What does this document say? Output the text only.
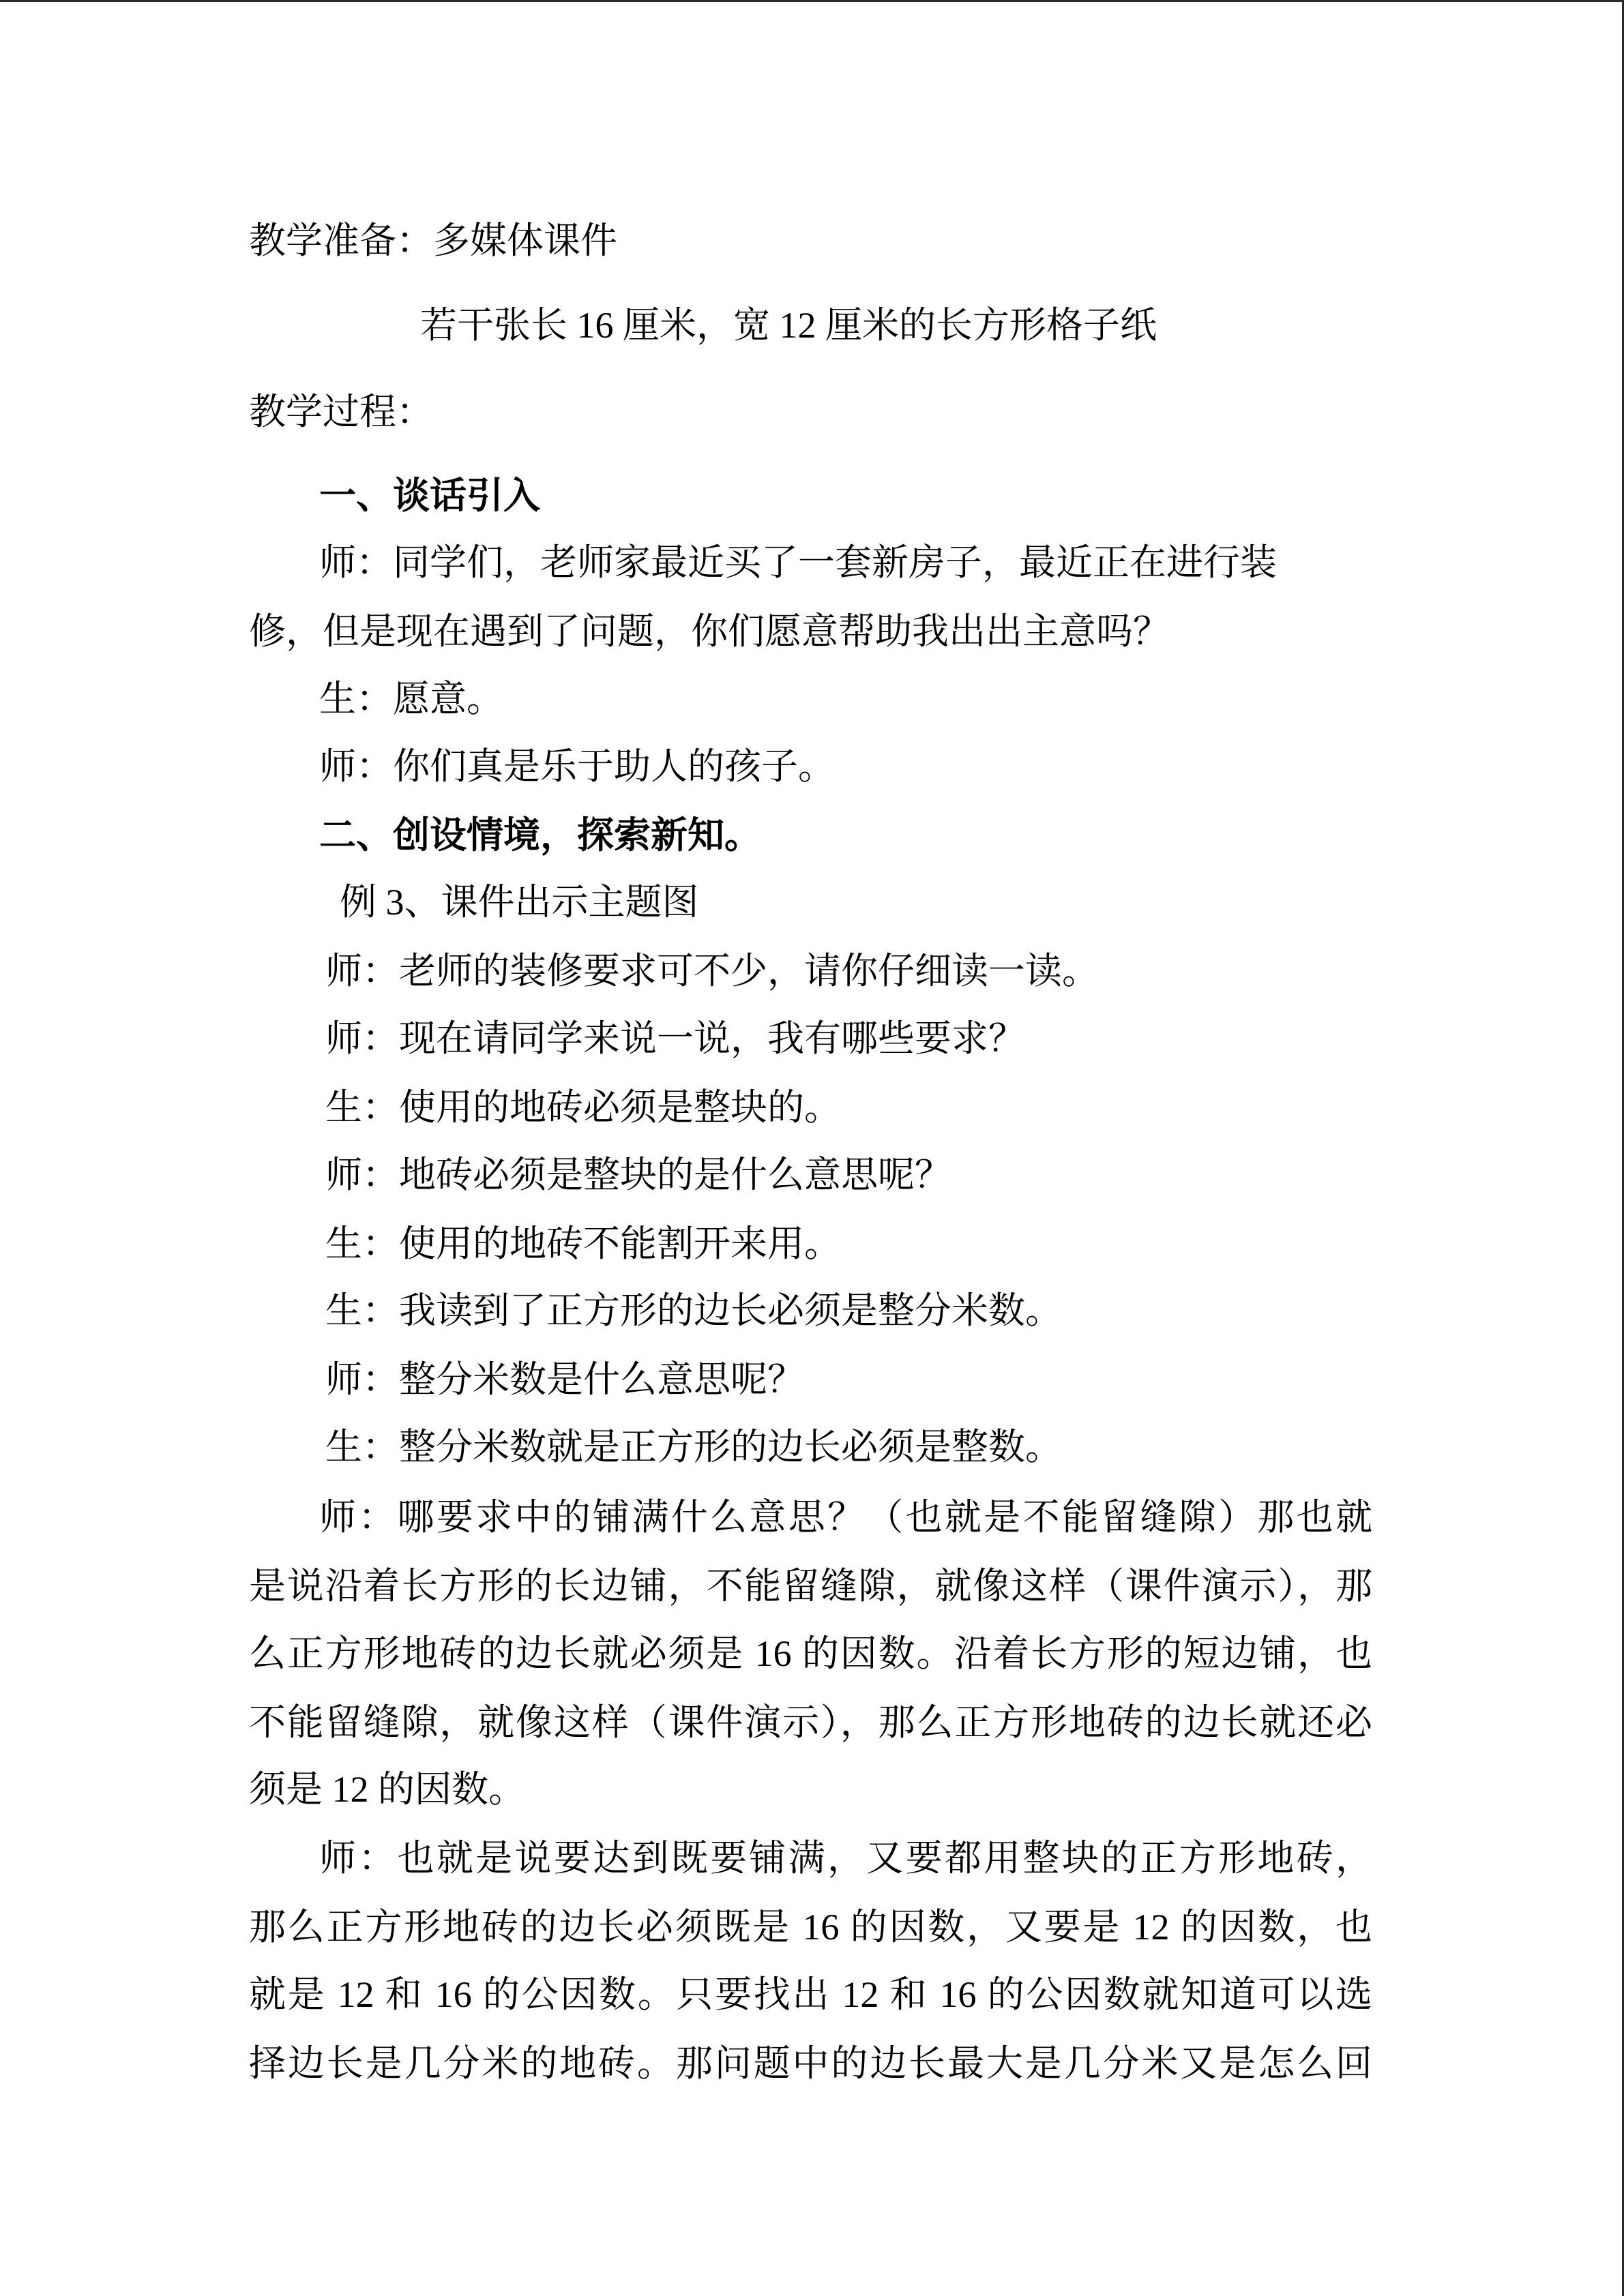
教学准备：多媒体课件
若干张长 16 厘米，宽 12 厘米的长方形格子纸
教学过程：
一、谈话引入
师：同学们，老师家最近买了一套新房子，最近正在进行装
修，但是现在遇到了问题，你们愿意帮助我出出主意吗？
生：愿意。
师：你们真是乐于助人的孩子。
二、创设情境，探索新知。
例 3、课件出示主题图
师：老师的装修要求可不少，请你仔细读一读。
师：现在请同学来说一说，我有哪些要求？
生：使用的地砖必须是整块的。
师：地砖必须是整块的是什么意思呢？
生：使用的地砖不能割开来用。
生：我读到了正方形的边长必须是整分米数。
师：整分米数是什么意思呢？
生：整分米数就是正方形的边长必须是整数。
师：哪要求中的铺满什么意思？（也就是不能留缝隙）那也就
是说沿着长方形的长边铺，不能留缝隙，就像这样（课件演示），那
么正方形地砖的边长就必须是 16 的因数。沿着长方形的短边铺，也
不能留缝隙，就像这样（课件演示），那么正方形地砖的边长就还必
须是 12 的因数。
师：也就是说要达到既要铺满，又要都用整块的正方形地砖，
那么正方形地砖的边长必须既是 16 的因数，又要是 12 的因数，也
就是 12 和 16 的公因数。只要找出 12 和 16 的公因数就知道可以选
择边长是几分米的地砖。那问题中的边长最大是几分米又是怎么回
